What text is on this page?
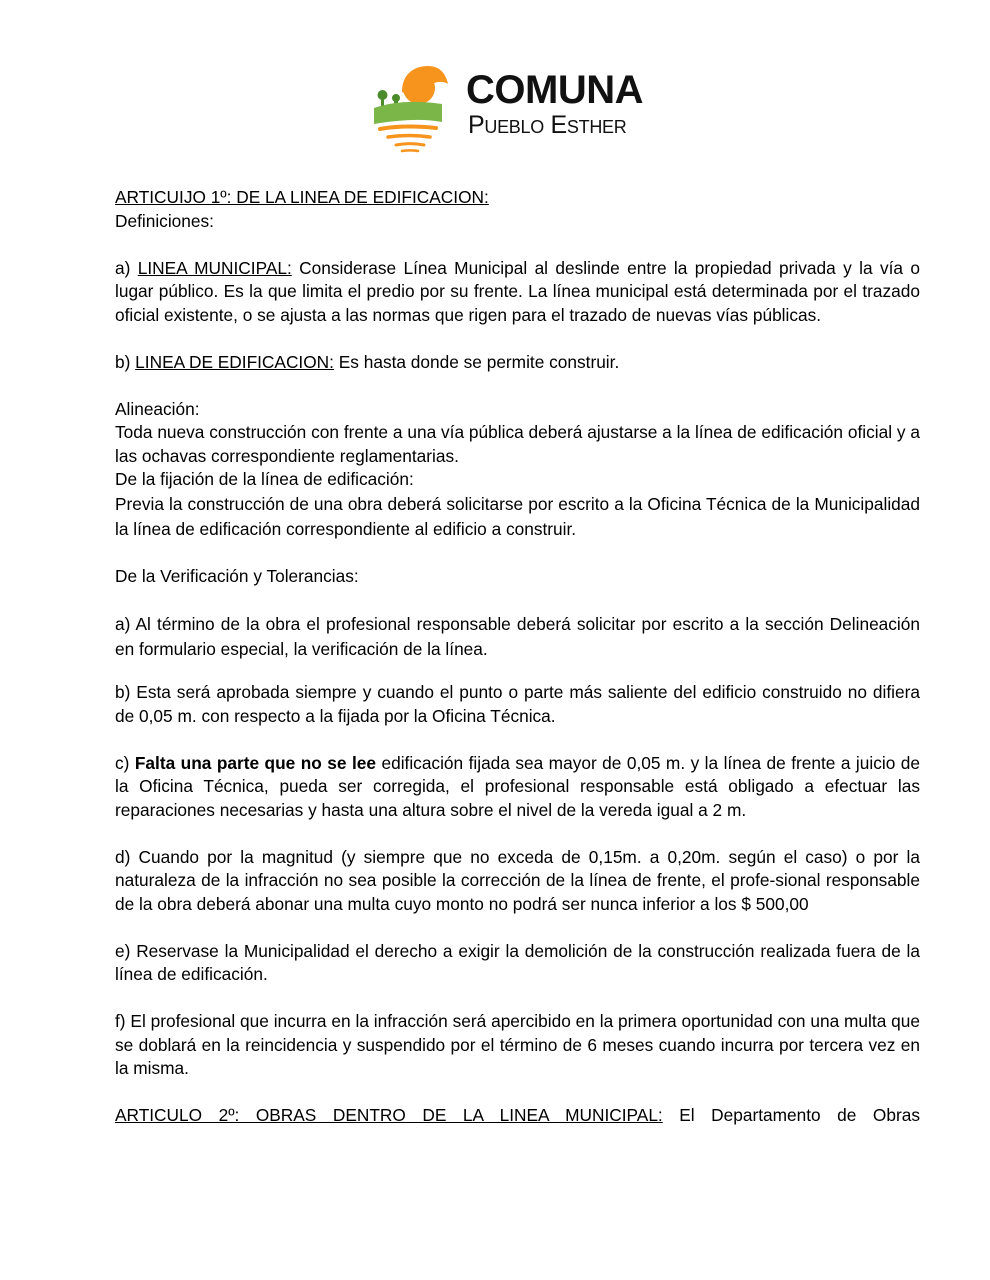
COMUNA
Pueblo Esther

ARTICUIJO 1º: DE LA LINEA DE EDIFICACION:

Definiciones:

a) LINEA MUNICIPAL: Considerase Línea Municipal al deslinde entre la propiedad privada y la vía o lugar público. Es la que limita el predio por su frente. La línea municipal está determinada por el trazado oficial existente, o se ajusta a las normas que rigen para el trazado de nuevas vías públicas.

b) LINEA DE EDIFICACION: Es hasta donde se permite construir.

Alineación:

Toda nueva construcción con frente a una vía pública deberá ajustarse a la línea de edificación oficial y a las ochavas correspondiente reglamentarias.

De la fijación de la línea de edificación:

Previa la construcción de una obra deberá solicitarse por escrito a la Oficina Técnica de la Municipalidad la línea de edificación correspondiente al edificio a construir.

De la Verificación y Tolerancias:

a) Al término de la obra el profesional responsable deberá solicitar por escrito a la sección Delineación en formulario especial, la verificación de la línea.

b) Esta será aprobada siempre y cuando el punto o parte más saliente del edificio construido no difiera de 0,05 m. con respecto a la fijada por la Oficina Técnica.

c) Falta una parte que no se lee edificación fijada sea mayor de 0,05 m. y la línea de frente a juicio de la Oficina Técnica, pueda ser corregida, el profesional responsable está obligado a efectuar las reparaciones necesarias y hasta una altura sobre el nivel de la vereda igual a 2 m.

d) Cuando por la magnitud (y siempre que no exceda de 0,15m. a 0,20m. según el caso) o por la naturaleza de la infracción no sea posible la corrección de la línea de frente, el profe-sional responsable de la obra deberá abonar una multa cuyo monto no podrá ser nunca inferior a los $ 500,00

e) Reservase la Municipalidad el derecho a exigir la demolición de la construcción realizada fuera de la línea de edificación.

f) El profesional que incurra en la infracción será apercibido en la primera oportunidad con una multa que se doblará en la reincidencia y suspendido por el término de 6 meses cuando incurra por tercera vez en la misma.

ARTICULO 2º: OBRAS DENTRO DE LA LINEA MUNICIPAL: El Departamento de Obras
